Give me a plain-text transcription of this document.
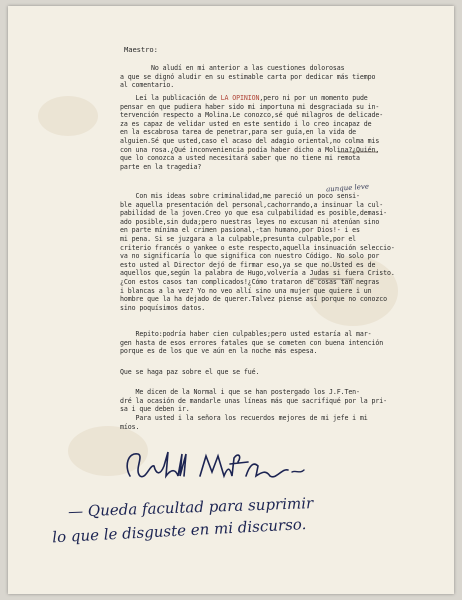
Maestro:
No aludí en mi anterior a las cuestiones dolorosas
a que se dignó aludir en su estimable carta por dedicar más tiempo
al comentario.
Leí la publicación de LA OPINION,pero ni por un momento pude
pensar en que pudiera haber sido mi importuna mi desgraciada su in-
tervención respecto a Molina.Le conozco,sé qué milagros de delicade-
za es capaz de velidar usted en este sentido i lo creo incapaz de
en la escabrosa tarea de penetrar,para ser guía,en la vida de
alguien.Sé que usted,caso el acaso del adagio oriental,no colma mis
con una rosa.¿Qué inconveniencia podía haber dicho a Molina?¿Quién,
que lo conozca a usted necesitará saber que no tiene mi remota
parte en la tragedia?
Con mis ideas sobre criminalidad,me pareció un poco sensi-
ble aquella presentación del personal,cachorrando,a insinuar la cul-
pabilidad de la joven.Creo yo que esa culpabilidad es posible,demasi-
ado posible,sin duda;pero nuestras leyes no excusan ni atenúan sino
en parte mínima el crimen pasional,-tan humano,por Dios!- i es
mi pena. Si se juzgara a la culpable,presunta culpable,por el
criterio francés o yankee o este respecto,aquella insinuación seleccio-
va no significaría lo que significa con nuestro Código. No solo por
esto usted al Director dejó de firmar eso,ya se que no.Usted es de
aquellos que,según la palabra de Hugo,volvería a Judas si fuera Cristo.
¿Con estos casos tan complicados!¿Cómo trataron de cosas tan negras
i blancas a la vez? Yo no veo allí sino una mujer que quiere i un
hombre que la ha dejado de querer.Talvez piense así porque no conozco
sino poquísimos datos.
Repito:podría haber cien culpables;pero usted estaría al mar-
gen hasta de esos errores fatales que se cometen con buena intención
porque es de los que ve aún en la noche más espesa.
Que se haga paz sobre el que se fué.
Me dicen de la Normal i que se han postergado los J.F.Ten-
dré la ocasión de mandarle unas líneas más que sacrifiqué por la pri-
sa i que deben ir.
Para usted i la señora los recuerdos mejores de mi jefe i mi
míos.
aunque leve
— Queda facultad para suprimir
lo que le disguste en mi discurso.
